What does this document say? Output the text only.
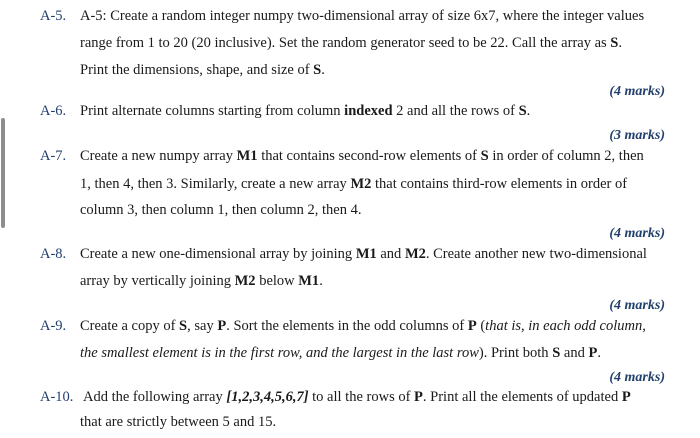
A-5. A-5: Create a random integer numpy two-dimensional array of size 6x7, where the integer values
range from 1 to 20 (20 inclusive). Set the random generator seed to be 22. Call the array as S.
Print the dimensions, shape, and size of S.
(4 marks)
A-6. Print alternate columns starting from column indexed 2 and all the rows of S.
(3 marks)
A-7. Create a new numpy array M1 that contains second-row elements of S in order of column 2, then
1, then 4, then 3. Similarly, create a new array M2 that contains third-row elements in order of
column 3, then column 1, then column 2, then 4.
(4 marks)
A-8. Create a new one-dimensional array by joining M1 and M2. Create another new two-dimensional
array by vertically joining M2 below M1.
(4 marks)
A-9. Create a copy of S, say P. Sort the elements in the odd columns of P (that is, in each odd column,
the smallest element is in the first row, and the largest in the last row). Print both S and P.
(4 marks)
A-10. Add the following array [1,2,3,4,5,6,7] to all the rows of P. Print all the elements of updated P
that are strictly between 5 and 15.
